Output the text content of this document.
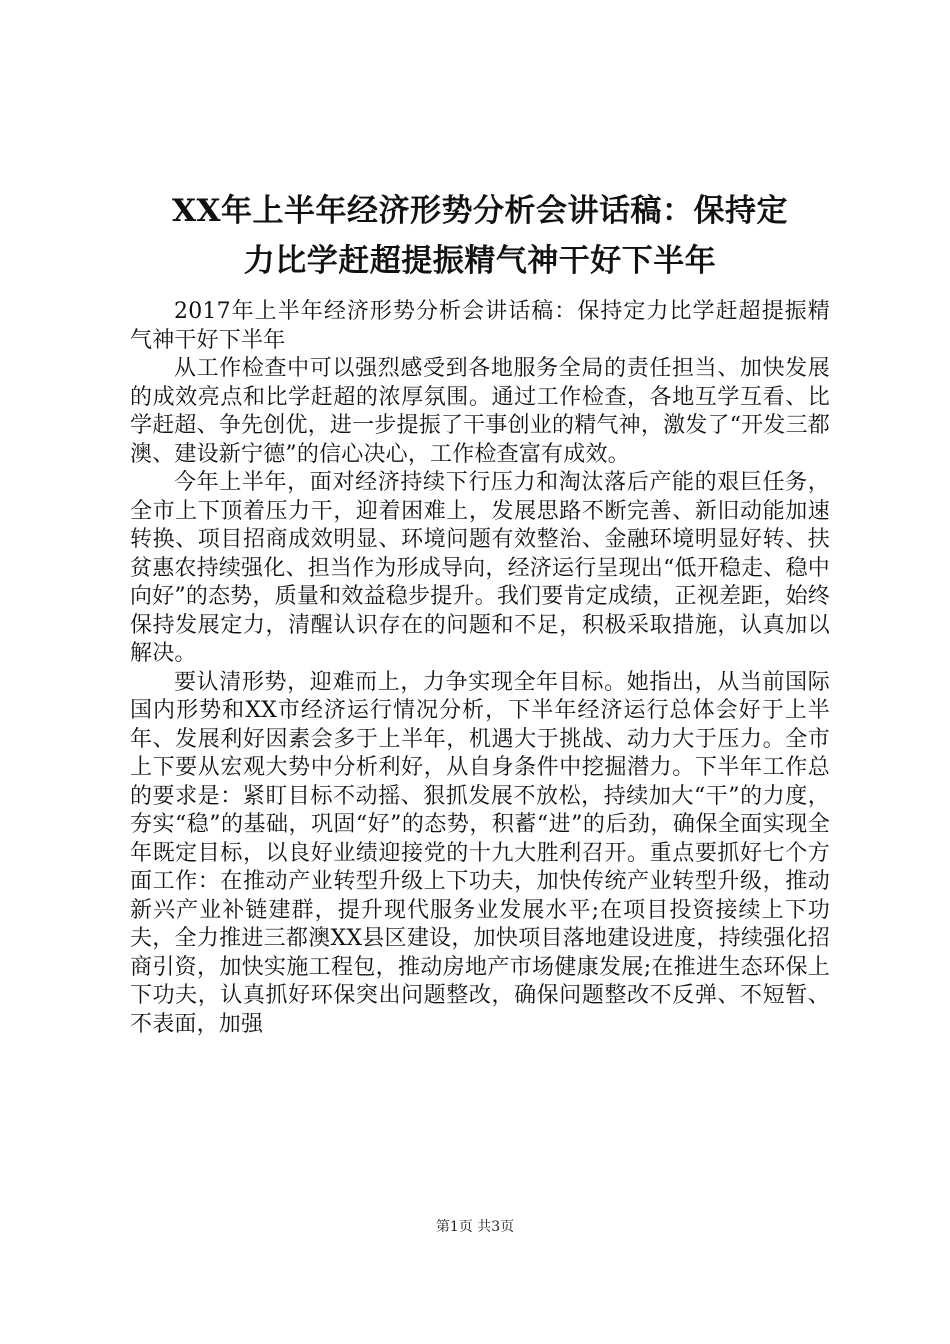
XX年上半年经济形势分析会讲话稿：保持定
力比学赶超提振精气神干好下半年

2017年上半年经济形势分析会讲话稿：保持定力比学赶超提振精气神干好下半年

从工作检查中可以强烈感受到各地服务全局的责任担当、加快发展的成效亮点和比学赶超的浓厚氛围。通过工作检查，各地互学互看、比学赶超、争先创优，进一步提振了干事创业的精气神，激发了“开发三都澳、建设新宁德”的信心决心，工作检查富有成效。

今年上半年，面对经济持续下行压力和淘汰落后产能的艰巨任务，全市上下顶着压力干，迎着困难上，发展思路不断完善、新旧动能加速转换、项目招商成效明显、环境问题有效整治、金融环境明显好转、扶贫惠农持续强化、担当作为形成导向，经济运行呈现出“低开稳走、稳中向好”的态势，质量和效益稳步提升。我们要肯定成绩，正视差距，始终保持发展定力，清醒认识存在的问题和不足，积极采取措施，认真加以解决。

要认清形势，迎难而上，力争实现全年目标。她指出，从当前国际国内形势和XX市经济运行情况分析，下半年经济运行总体会好于上半年、发展利好因素会多于上半年，机遇大于挑战、动力大于压力。全市上下要从宏观大势中分析利好，从自身条件中挖掘潜力。下半年工作总的要求是：紧盯目标不动摇、狠抓发展不放松，持续加大“干”的力度，夯实“稳”的基础，巩固“好”的态势，积蓄“进”的后劲，确保全面实现全年既定目标，以良好业绩迎接党的十九大胜利召开。重点要抓好七个方面工作：在推动产业转型升级上下功夫，加快传统产业转型升级，推动新兴产业补链建群，提升现代服务业发展水平;在项目投资接续上下功夫，全力推进三都澳XX县区建设，加快项目落地建设进度，持续强化招商引资，加快实施工程包，推动房地产市场健康发展;在推进生态环保上下功夫，认真抓好环保突出问题整改，确保问题整改不反弹、不短暂、不表面，加强

第1页 共3页
